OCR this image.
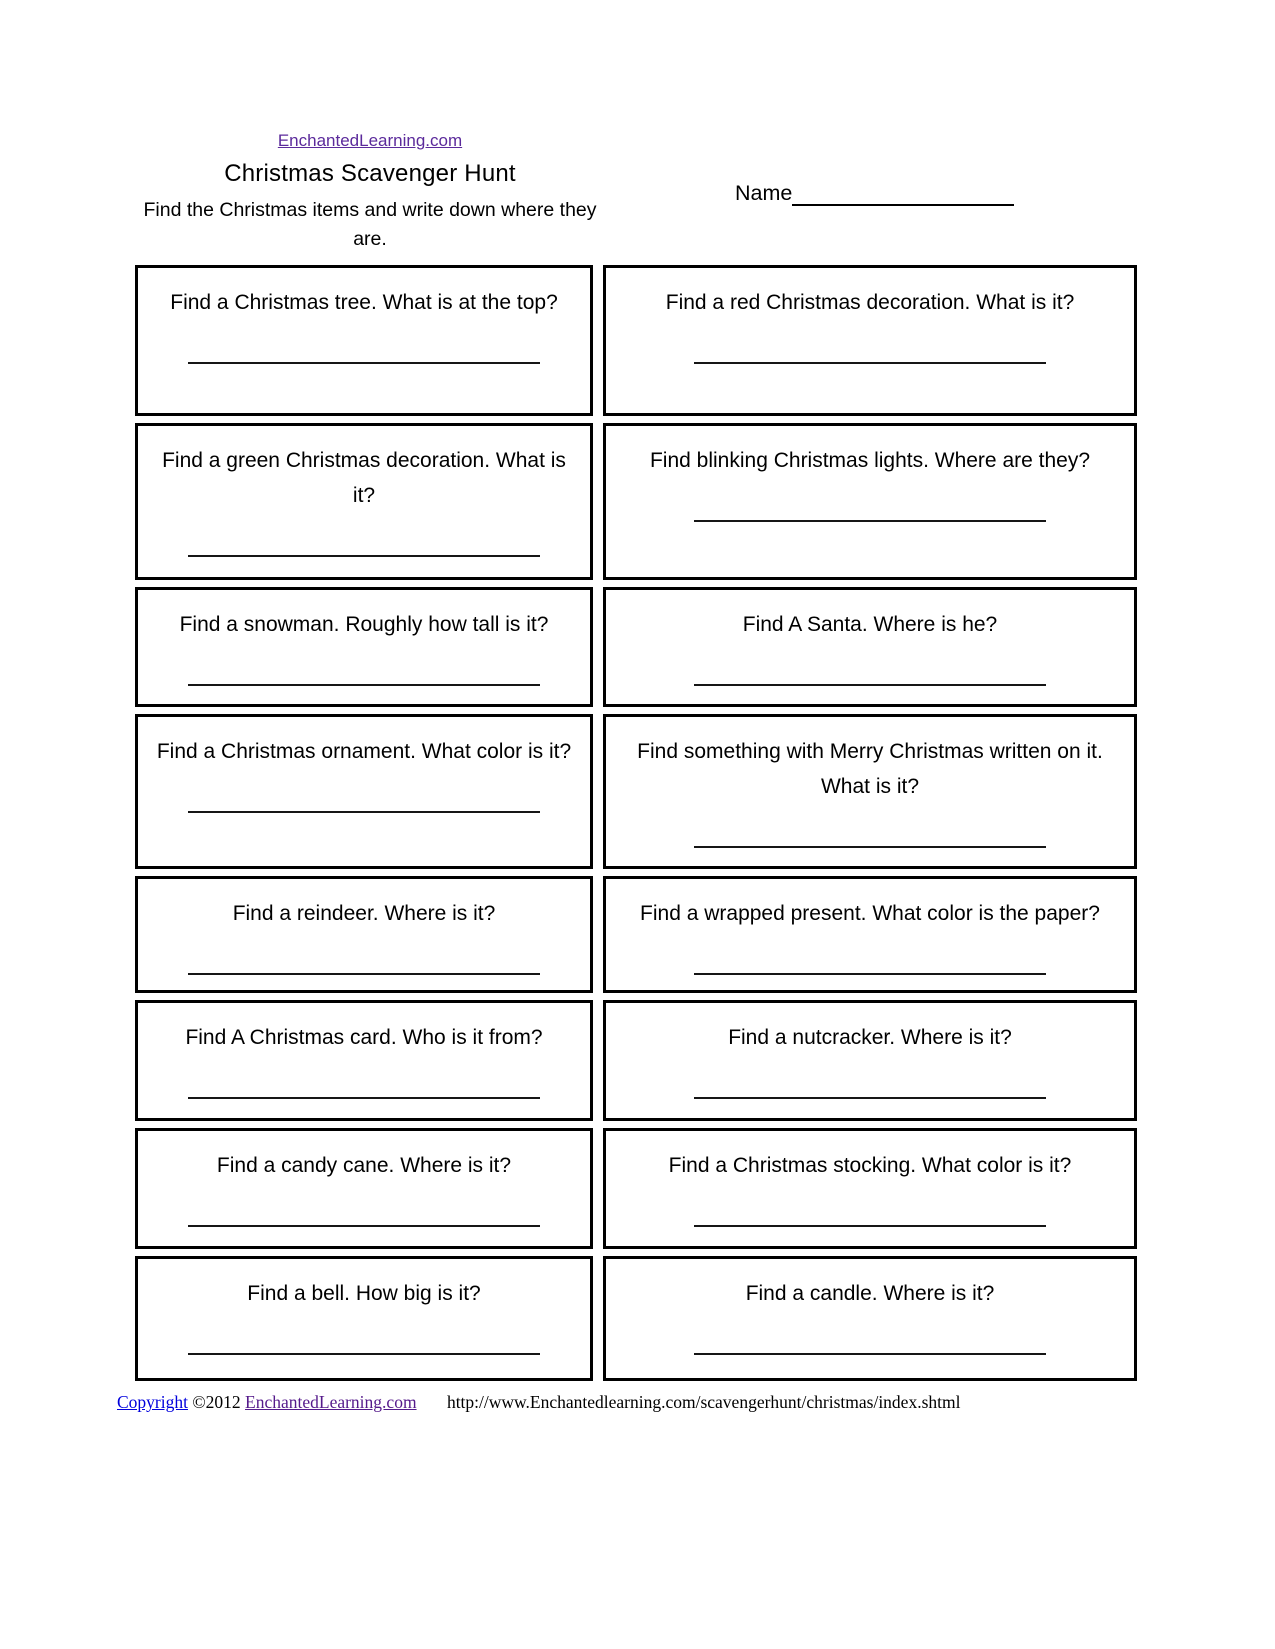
EnchantedLearning.com
Christmas Scavenger Hunt
Find the Christmas items and write down where they are.
Name
Find a Christmas tree. What is at the top?	Find a red Christmas decoration. What is it?
Find a green Christmas decoration. What is it?
Find blinking Christmas lights. Where are they?
Find a snowman. Roughly how tall is it?	Find A Santa. Where is he?
Find a Christmas ornament. What color is it?	Find something with Merry Christmas written on it. What is it?
Find a reindeer. Where is it?	Find a wrapped present. What color is the paper?
Find A Christmas card. Who is it from?	Find a nutcracker. Where is it?
Find a candy cane. Where is it?	Find a Christmas stocking. What color is it?
Find a bell. How big is it?	Find a candle. Where is it?
Copyright ©2012 EnchantedLearning.com http://www.Enchantedlearning.com/scavengerhunt/christmas/index.shtml
